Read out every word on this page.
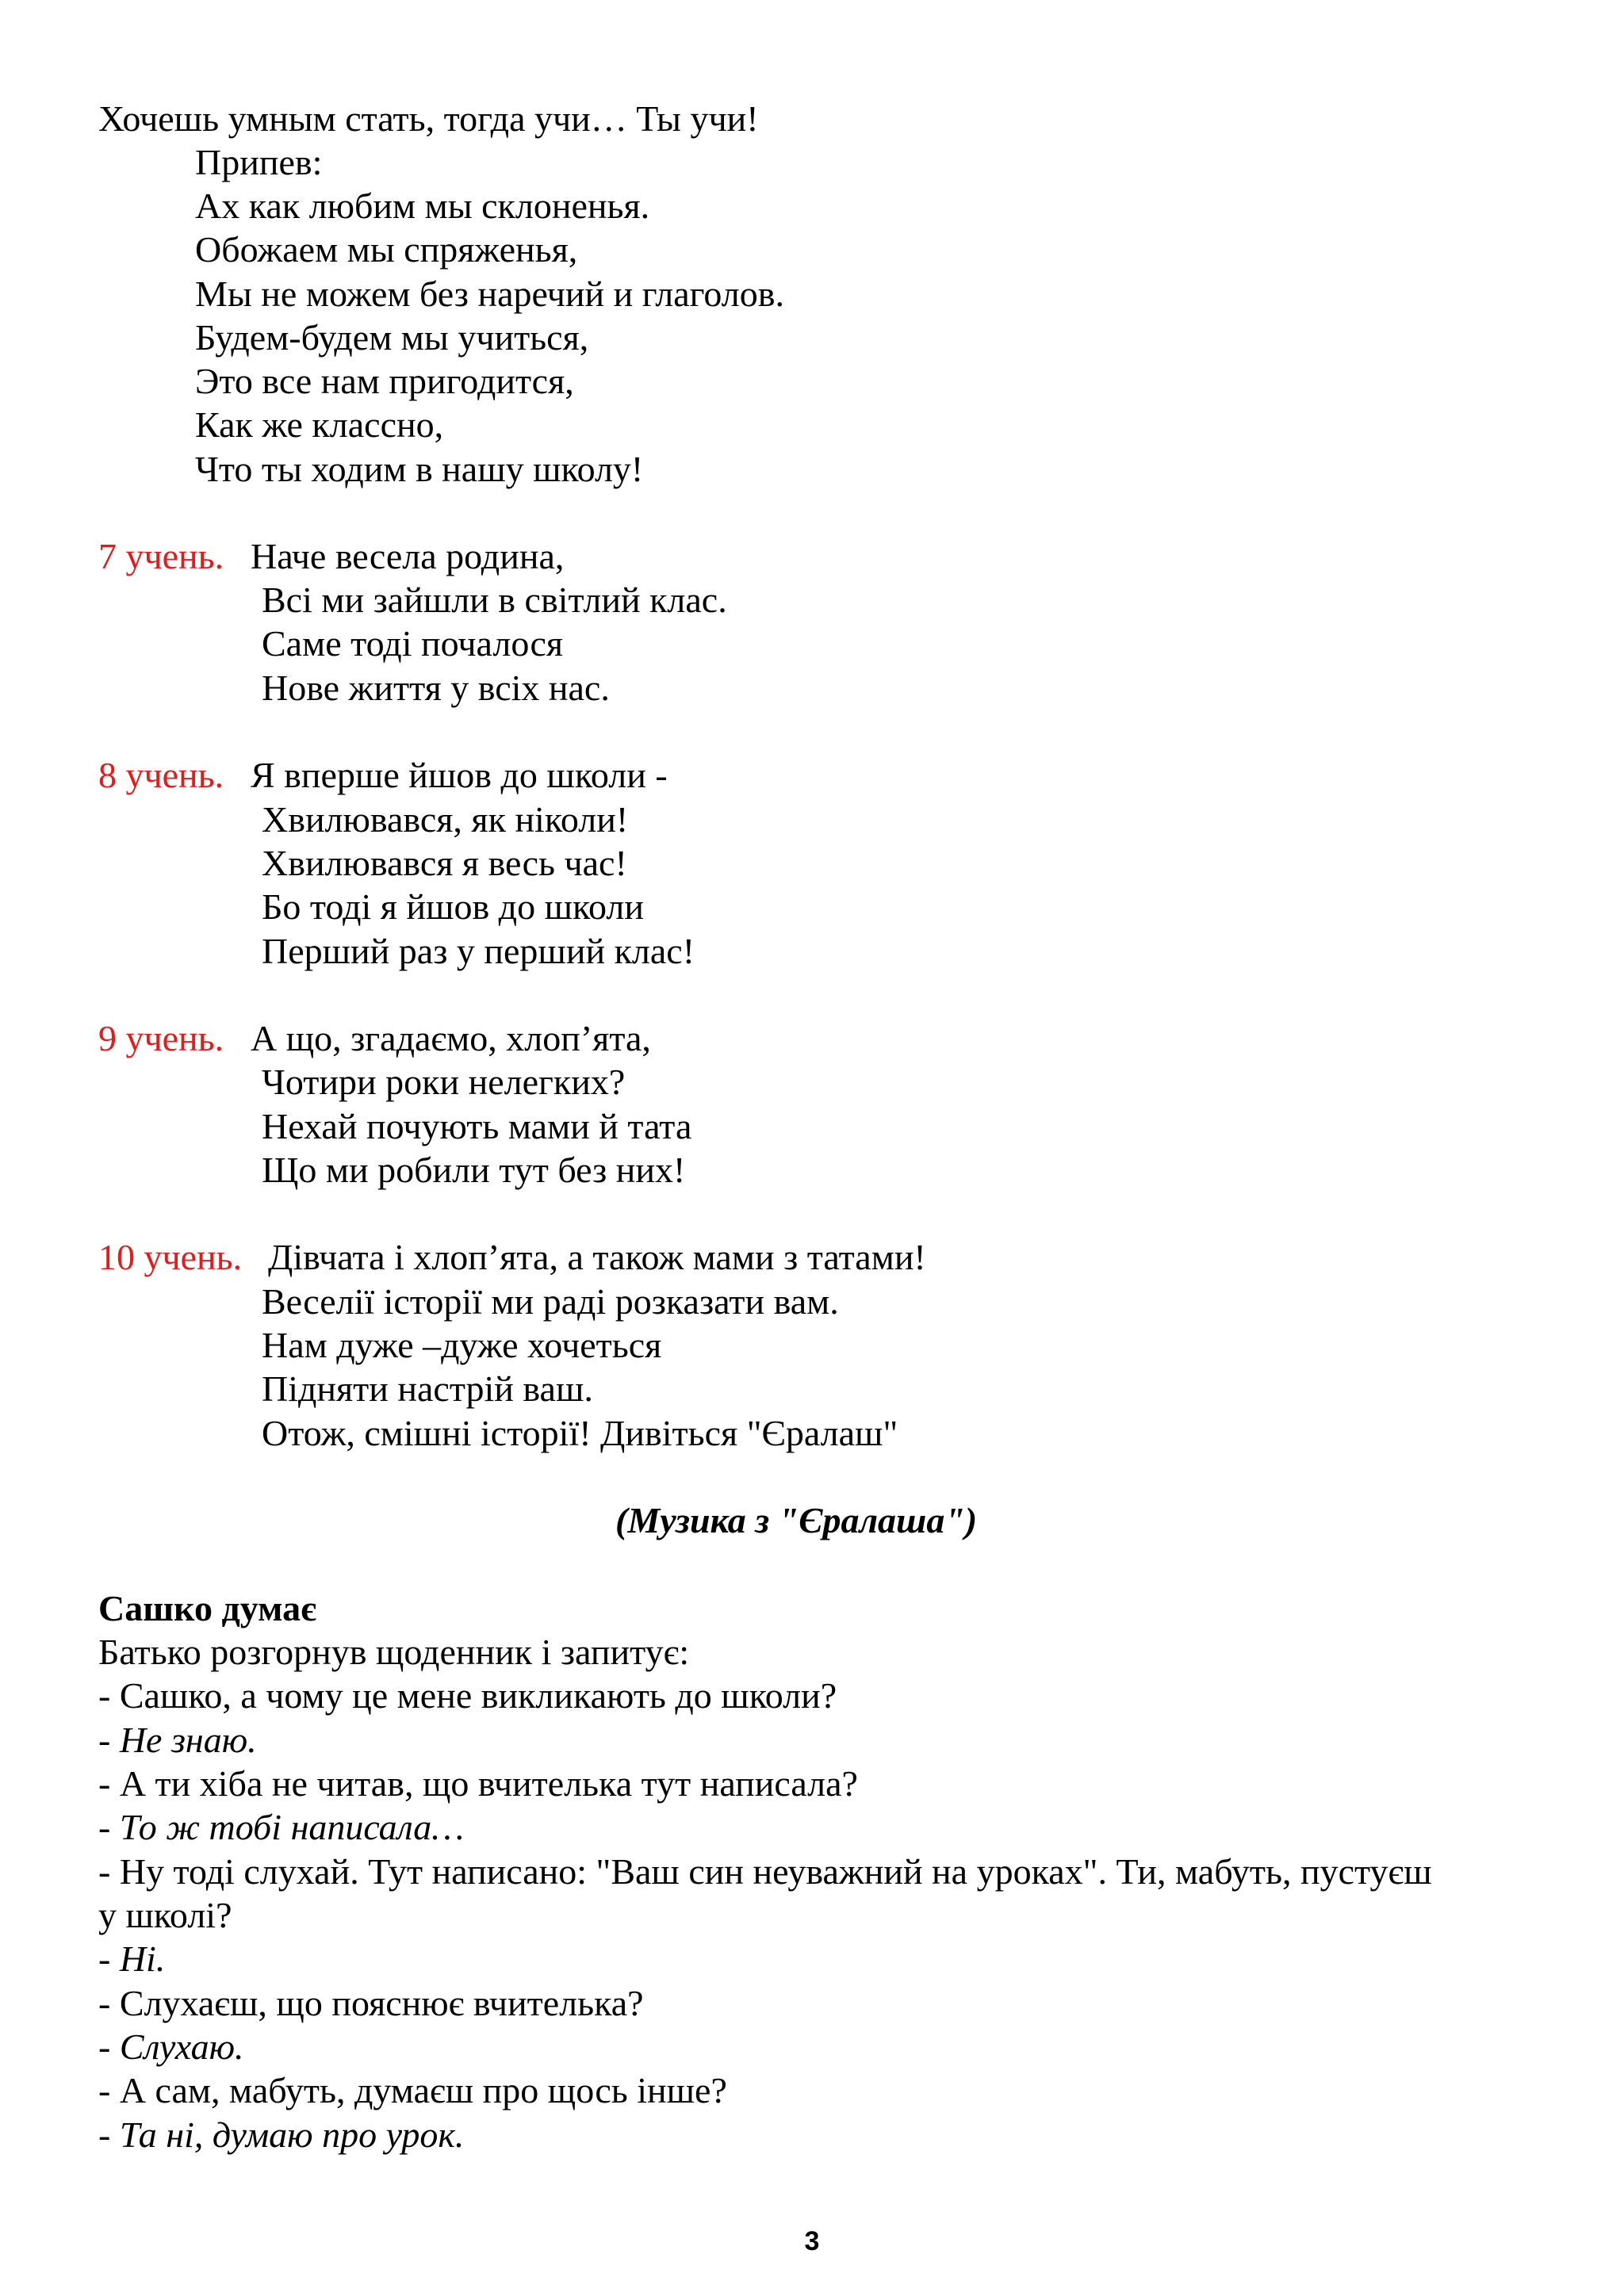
Хочешь умным стать, тогда учи… Ты учи!
Припев:
Ах как любим мы склоненья.
Обожаем мы спряженья,
Мы не можем без наречий и глаголов.
Будем-будем мы учиться,
Это все нам пригодится,
Как же классно,
Что ты ходим в нашу школу!
7 учень. Наче весела родина,
Всі ми зайшли в світлий клас.
Саме тоді почалося
Нове життя у всіх нас.
8 учень. Я вперше йшов до школи -
Хвилювався, як ніколи!
Хвилювався я весь час!
Бо тоді я йшов до школи
Перший раз у перший клас!
9 учень. А що, згадаємо, хлоп’ята,
Чотири роки нелегких?
Нехай почують мами й тата
Що ми робили тут без них!
10 учень. Дівчата і хлоп’ята, а також мами з татами!
Веселії історії ми раді розказати вам.
Нам дуже –дуже хочеться
Підняти настрій ваш.
Отож, смішні історії! Дивіться "Єралаш"
(Музика з "Єралаша")
Сашко думає
Батько розгорнув щоденник і запитує:
- Сашко, а чому це мене викликають до школи?
- Не знаю.
- А ти хіба не читав, що вчителька тут написала?
- То ж тобі написала…
- Ну тоді слухай. Тут написано: "Ваш син неуважний на уроках". Ти, мабуть, пустуєш
у школі?
- Ні.
- Слухаєш, що пояснює вчителька?
- Слухаю.
- А сам, мабуть, думаєш про щось інше?
- Та ні, думаю про урок.
3
